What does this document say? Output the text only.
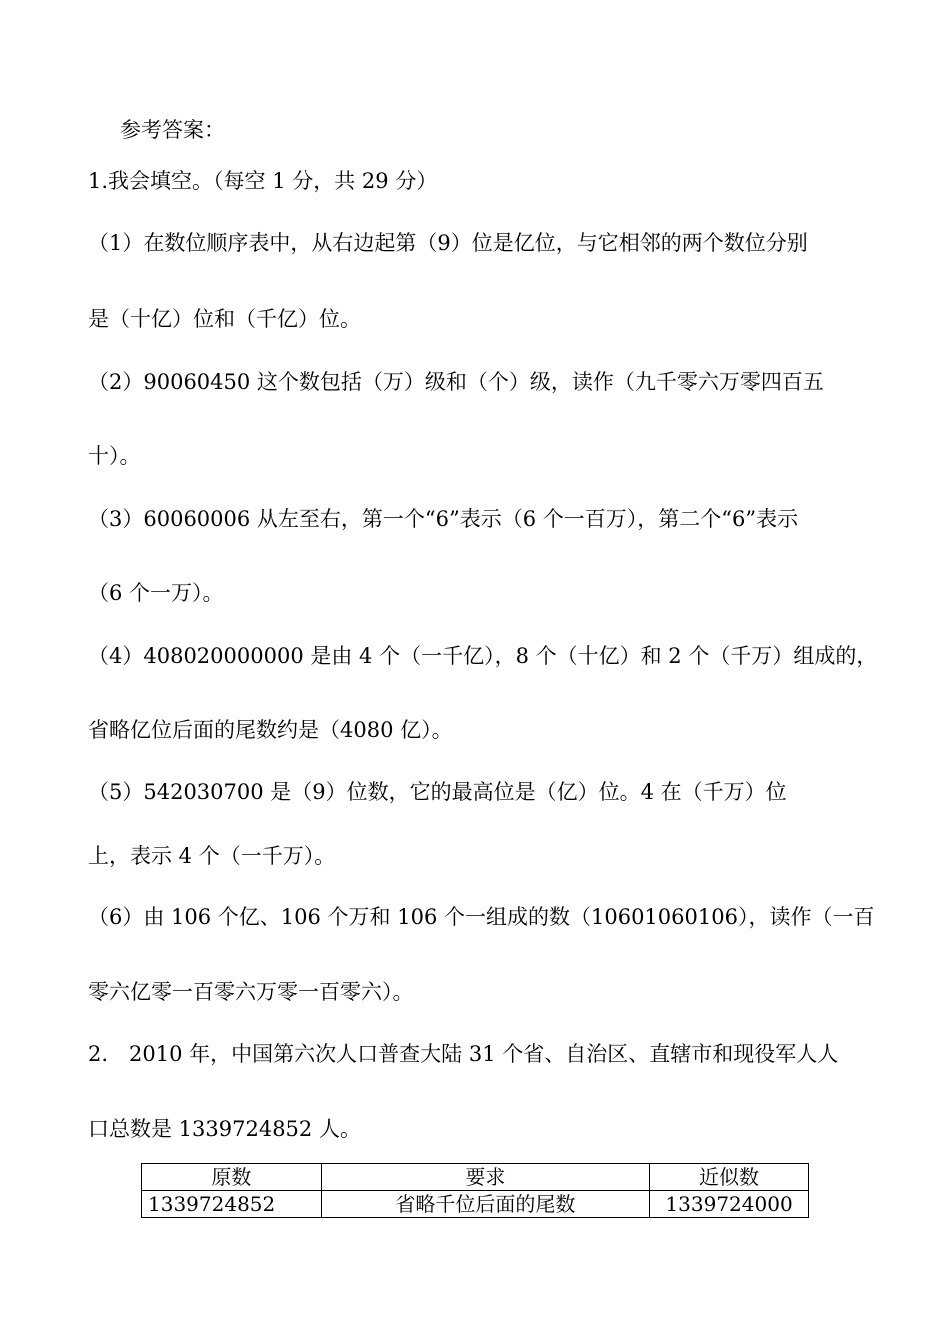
参考答案：

1.我会填空。（每空 1 分，共 29 分）

（1）在数位顺序表中，从右边起第（9）位是亿位，与它相邻的两个数位分别

是（十亿）位和（千亿）位。

（2）90060450 这个数包括（万）级和（个）级，读作（九千零六万零四百五

十）。

（3）60060006 从左至右，第一个“6”表示（6 个一百万），第二个“6”表示

（6 个一万）。

（4）408020000000 是由 4 个（一千亿），8 个（十亿）和 2 个（千万）组成的，

省略亿位后面的尾数约是（4080 亿）。

（5）542030700 是（9）位数，它的最高位是（亿）位。4 在（千万）位

上，表示 4 个（一千万）。

（6）由 106 个亿、106 个万和 106 个一组成的数（10601060106），读作（一百

零六亿零一百零六万零一百零六）。

2.　2010 年，中国第六次人口普查大陆 31 个省、自治区、直辖市和现役军人人

口总数是 1339724852 人。

原数	要求	近似数
1339724852	省略千位后面的尾数	1339724000
